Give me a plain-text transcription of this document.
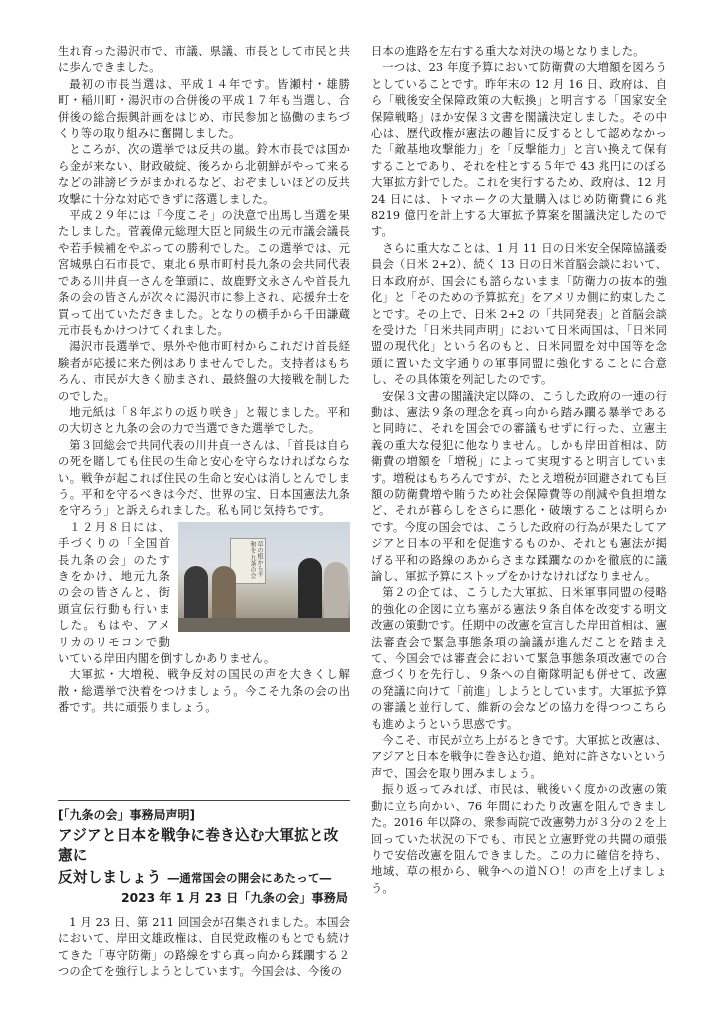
生れ育った湯沢市で、市議、県議、市長として市民と共に歩んできました。

最初の市長当選は、平成１４年です。皆瀬村・雄勝町・稲川町・湯沢市の合併後の平成１７年も当選し、合併後の総合振興計画をはじめ、市民参加と協働のまちづくり等の取り組みに奮闘しました。

ところが、次の選挙では反共の嵐。鈴木市長では国から金が来ない、財政破綻、後ろから北朝鮮がやって来るなどの誹謗ビラがまかれるなど、おぞましいほどの反共攻撃に十分な対応できずに落選しました。

平成２９年には「今度こそ」の決意で出馬し当選を果たしました。菅義偉元総理大臣と同級生の元市議会議長や若手候補をやぶっての勝利でした。この選挙では、元宮城県白石市長で、東北６県市町村長九条の会共同代表である川井貞一さんを筆頭に、故鹿野文永さんや首長九条の会の皆さんが次々に湯沢市に参上され、応援弁士を買って出ていただきました。となりの横手から千田謙蔵元市長もかけつけてくれました。

湯沢市長選挙で、県外や他市町村からこれだけ首長経験者が応援に来た例はありませんでした。支持者はもちろん、市民が大きく励まされ、最終盤の大接戦を制したのでした。

地元紙は「８年ぶりの返り咲き」と報じました。平和の大切さと九条の会の力で当選できた選挙でした。

第３回総会で共同代表の川井貞一さんは、「首長は自らの死を賭しても住民の生命と安心を守らなければならない。戦争が起これば住民の生命と安心は消しとんでしまう。平和を守るべきは今だ、世界の宝、日本国憲法九条を守ろう」と訴えられました。私も同じ気持ちです。

草の根から平和を 九条の会

１２月８日には、手づくりの「全国首長九条の会」のたすきをかけ、地元九条の会の皆さんと、街頭宣伝行動も行いました。もはや、アメリカのリモコンで動いている岸田内閣を倒すしかありません。

大軍拡・大増税、戦争反対の国民の声を大きくし解散・総選挙で決着をつけましょう。今こそ九条の会の出番です。共に頑張りましょう。

[「九条の会」事務局声明]

アジアと日本を戦争に巻き込む大軍拡と改憲に

反対しましょう ―通常国会の開会にあたって―

2023 年 1 月 23 日「九条の会」事務局

1 月 23 日、第 211 回国会が召集されました。本国会において、岸田文雄政権は、自民党政権のもとでも続けてきた「専守防衛」の路線をすら真っ向から蹂躙する２つの企てを強行しようとしています。今国会は、今後の

日本の進路を左右する重大な対決の場となりました。

一つは、23 年度予算において防衛費の大増額を図ろうとしていることです。昨年末の 12 月 16 日、政府は、自ら「戦後安全保障政策の大転換」と明言する「国家安全保障戦略」ほか安保３文書を閣議決定しました。その中心は、歴代政権が憲法の趣旨に反するとして認めなかった「敵基地攻撃能力」を「反撃能力」と言い換えて保有することであり、それを柱とする５年で 43 兆円にのぼる大軍拡方針でした。これを実行するため、政府は、12 月 24 日には、トマホークの大量購入はじめ防衛費に６兆 8219 億円を計上する大軍拡予算案を閣議決定したのです。

さらに重大なことは、1 月 11 日の日米安全保障協議委員会（日米 2+2）、続く 13 日の日米首脳会談において、日本政府が、国会にも諮らないまま「防衛力の抜本的強化」と「そのための予算拡充」をアメリカ側に約束したことです。その上で、日米 2+2 の「共同発表」と首脳会談を受けた「日米共同声明」において日米両国は、「日米同盟の現代化」という名のもと、日米同盟を対中国等を念頭に置いた文字通りの軍事同盟に強化することに合意し、その具体策を列記したのです。

安保３文書の閣議決定以降の、こうした政府の一連の行動は、憲法９条の理念を真っ向から踏み躙る暴挙であると同時に、それを国会での審議もせずに行った、立憲主義の重大な侵犯に他なりません。しかも岸田首相は、防衛費の増額を「増税」によって実現すると明言しています。増税はもちろんですが、たとえ増税が回避されても巨額の防衛費増や賄うため社会保障費等の削減や負担増など、それが暮らしをさらに悪化・破壊することは明らかです。今度の国会では、こうした政府の行為が果たしてアジアと日本の平和を促進するものか、それとも憲法が掲げる平和の路線のあからさまな蹂躙なのかを徹底的に議論し、軍拡予算にストップをかけなければなりません。

第２の企ては、こうした大軍拡、日米軍事同盟の侵略的強化の企図に立ち塞がる憲法９条自体を改変する明文改憲の策動です。任期中の改憲を宣言した岸田首相は、憲法審査会で緊急事態条項の論議が進んだことを踏まえて、今国会では審査会において緊急事態条項改憲での合意づくりを先行し、９条への自衛隊明記も併せて、改憲の発議に向けて「前進」しようとしています。大軍拡予算の審議と並行して、維新の会などの協力を得つつこちらも進めようという思惑です。

今こそ、市民が立ち上がるときです。大軍拡と改憲は、アジアと日本を戦争に巻き込む道、絶対に許さないという声で、国会を取り囲みましょう。

振り返ってみれば、市民は、戦後いく度かの改憲の策動に立ち向かい、76 年間にわたり改憲を阻んできました。2016 年以降の、衆参両院で改憲勢力が３分の２を上回っていた状況の下でも、市民と立憲野党の共闘の頑張りで安倍改憲を阻んできました。この力に確信を持ち、地域、草の根から、戦争への道ＮＯ！の声を上げましょう。
